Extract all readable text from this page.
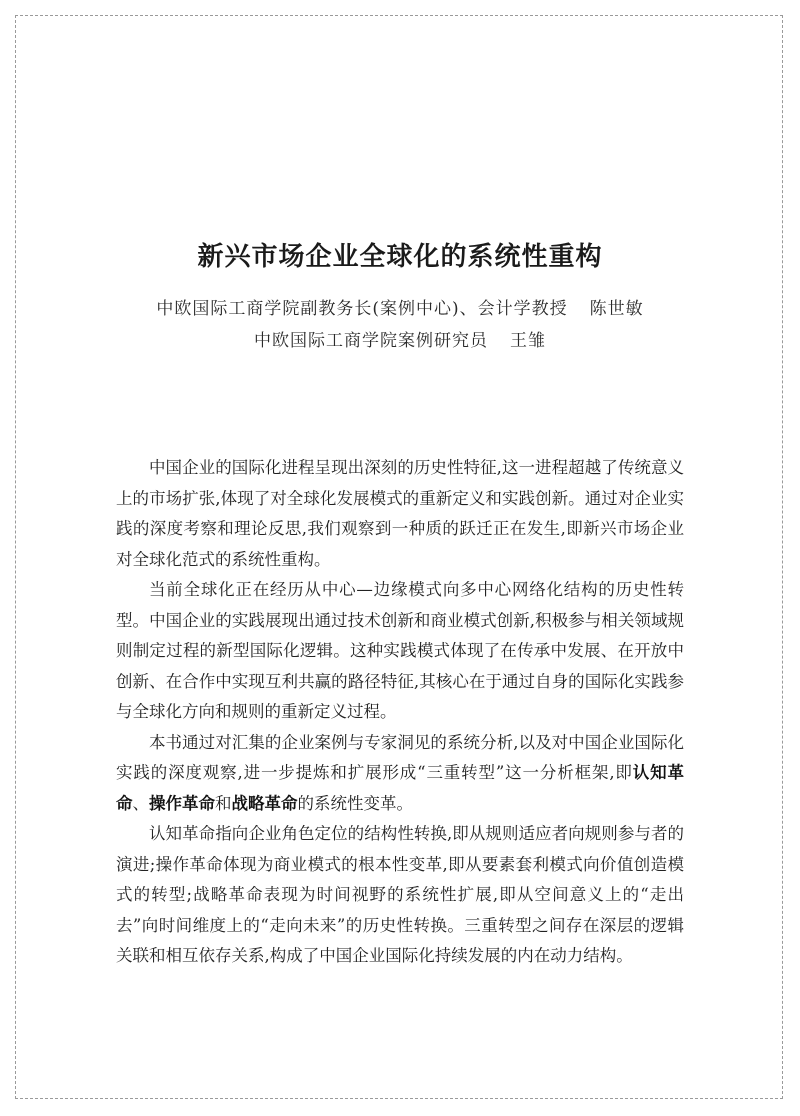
新兴市场企业全球化的系统性重构
中欧国际工商学院副教务长(案例中心)、会计学教授 陈世敏
中欧国际工商学院案例研究员 王雏

中国企业的国际化进程呈现出深刻的历史性特征,这一进程超越了传统意义上的市场扩张,体现了对全球化发展模式的重新定义和实践创新。通过对企业实践的深度考察和理论反思,我们观察到一种质的跃迁正在发生,即新兴市场企业对全球化范式的系统性重构。

当前全球化正在经历从中心—边缘模式向多中心网络化结构的历史性转型。中国企业的实践展现出通过技术创新和商业模式创新,积极参与相关领域规则制定过程的新型国际化逻辑。这种实践模式体现了在传承中发展、在开放中创新、在合作中实现互利共赢的路径特征,其核心在于通过自身的国际化实践参与全球化方向和规则的重新定义过程。

本书通过对汇集的企业案例与专家洞见的系统分析,以及对中国企业国际化实践的深度观察,进一步提炼和扩展形成“三重转型”这一分析框架,即认知革命、操作革命和战略革命的系统性变革。

认知革命指向企业角色定位的结构性转换,即从规则适应者向规则参与者的演进;操作革命体现为商业模式的根本性变革,即从要素套利模式向价值创造模式的转型;战略革命表现为时间视野的系统性扩展,即从空间意义上的“走出去”向时间维度上的“走向未来”的历史性转换。三重转型之间存在深层的逻辑关联和相互依存关系,构成了中国企业国际化持续发展的内在动力结构。
